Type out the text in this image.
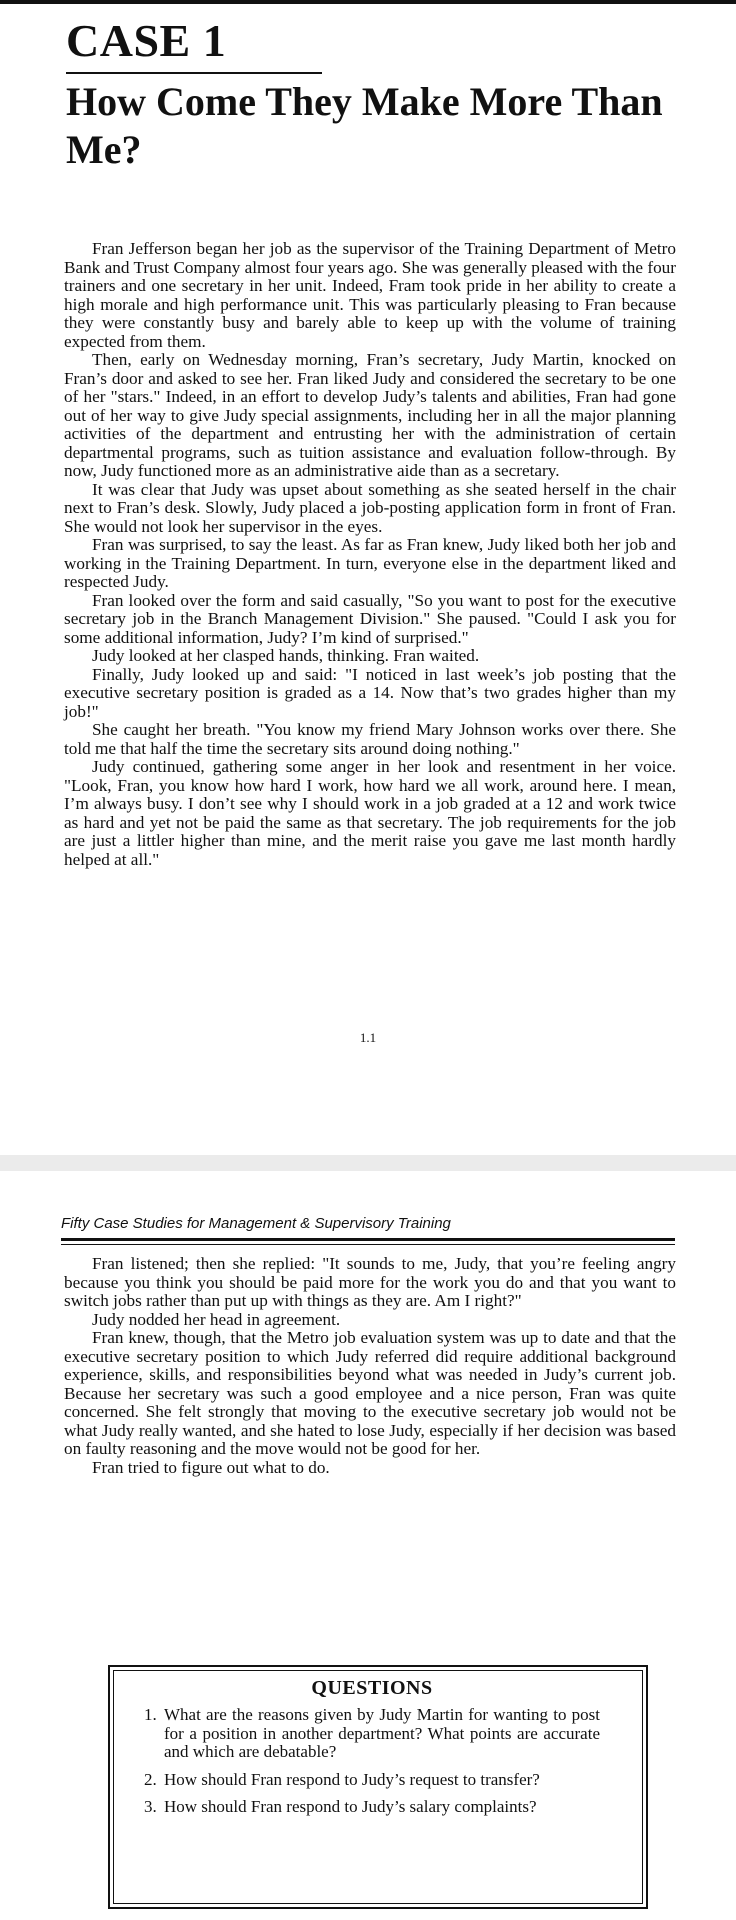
CASE 1
How Come They Make More Than Me?

Fran Jefferson began her job as the supervisor of the Training Department of Metro Bank and Trust Company almost four years ago. She was generally pleased with the four trainers and one secretary in her unit. Indeed, Fram took pride in her ability to create a high morale and high performance unit. This was particularly pleasing to Fran because they were constantly busy and barely able to keep up with the volume of training expected from them.

Then, early on Wednesday morning, Fran’s secretary, Judy Martin, knocked on Fran’s door and asked to see her. Fran liked Judy and considered the secretary to be one of her "stars." Indeed, in an effort to develop Judy’s talents and abilities, Fran had gone out of her way to give Judy special assignments, including her in all the major planning activities of the department and entrusting her with the administration of certain departmental programs, such as tuition assistance and evaluation follow-through. By now, Judy functioned more as an administrative aide than as a secretary.

It was clear that Judy was upset about something as she seated herself in the chair next to Fran’s desk. Slowly, Judy placed a job-posting application form in front of Fran. She would not look her supervisor in the eyes.

Fran was surprised, to say the least. As far as Fran knew, Judy liked both her job and working in the Training Department. In turn, everyone else in the department liked and respected Judy.

Fran looked over the form and said casually, "So you want to post for the executive secretary job in the Branch Management Division." She paused. "Could I ask you for some additional information, Judy? I’m kind of surprised."

Judy looked at her clasped hands, thinking. Fran waited.

Finally, Judy looked up and said: "I noticed in last week’s job posting that the executive secretary position is graded as a 14. Now that’s two grades higher than my job!"

She caught her breath. "You know my friend Mary Johnson works over there. She told me that half the time the secretary sits around doing nothing."

Judy continued, gathering some anger in her look and resentment in her voice. "Look, Fran, you know how hard I work, how hard we all work, around here. I mean, I’m always busy. I don’t see why I should work in a job graded at a 12 and work twice as hard and yet not be paid the same as that secretary. The job requirements for the job are just a littler higher than mine, and the merit raise you gave me last month hardly helped at all."

1.1
Fifty Case Studies for Management & Supervisory Training

Fran listened; then she replied: "It sounds to me, Judy, that you’re feeling angry because you think you should be paid more for the work you do and that you want to switch jobs rather than put up with things as they are. Am I right?"

Judy nodded her head in agreement.

Fran knew, though, that the Metro job evaluation system was up to date and that the executive secretary position to which Judy referred did require additional background experience, skills, and responsibilities beyond what was needed in Judy’s current job. Because her secretary was such a good employee and a nice person, Fran was quite concerned. She felt strongly that moving to the executive secretary job would not be what Judy really wanted, and she hated to lose Judy, especially if her decision was based on faulty reasoning and the move would not be good for her.

Fran tried to figure out what to do.

QUESTIONS
1. What are the reasons given by Judy Martin for wanting to post for a position in another department? What points are accurate and which are debatable?
2. How should Fran respond to Judy’s request to transfer?
3. How should Fran respond to Judy’s salary complaints?
